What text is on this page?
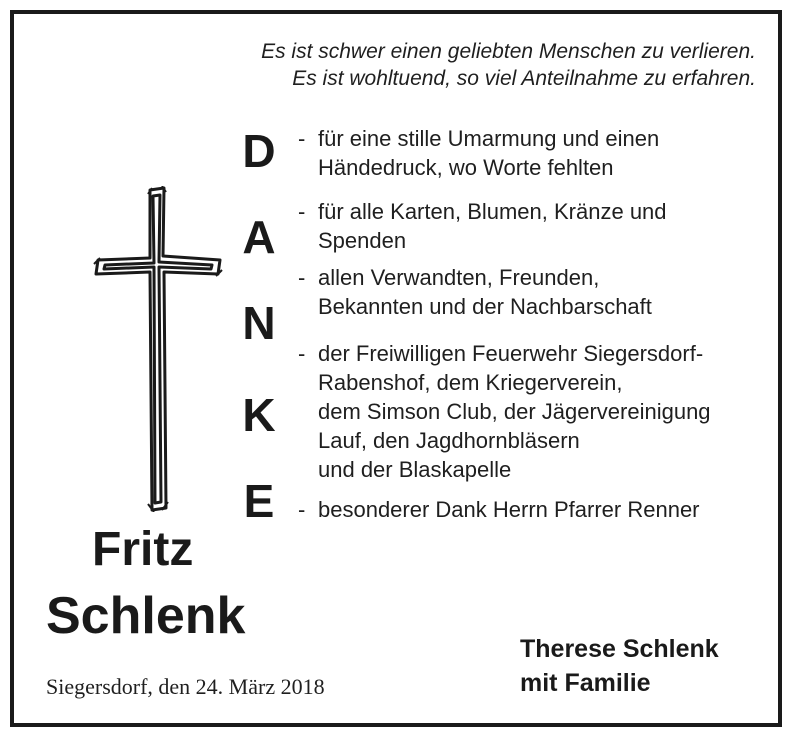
Es ist schwer einen geliebten Menschen zu verlieren.
Es ist wohltuend, so viel Anteilnahme zu erfahren.
D
A
N
K
E
- für eine stille Umarmung und einen
Händedruck, wo Worte fehlten
- für alle Karten, Blumen, Kränze und
Spenden
- allen Verwandten, Freunden,
Bekannten und der Nachbarschaft
- der Freiwilligen Feuerwehr Siegersdorf-
Rabenshof, dem Kriegerverein,
dem Simson Club, der Jägervereinigung
Lauf, den Jagdhornbläsern
und der Blaskapelle
- besonderer Dank Herrn Pfarrer Renner
Fritz
Schlenk
Siegersdorf, den 24. März 2018
Therese Schlenk
mit Familie
